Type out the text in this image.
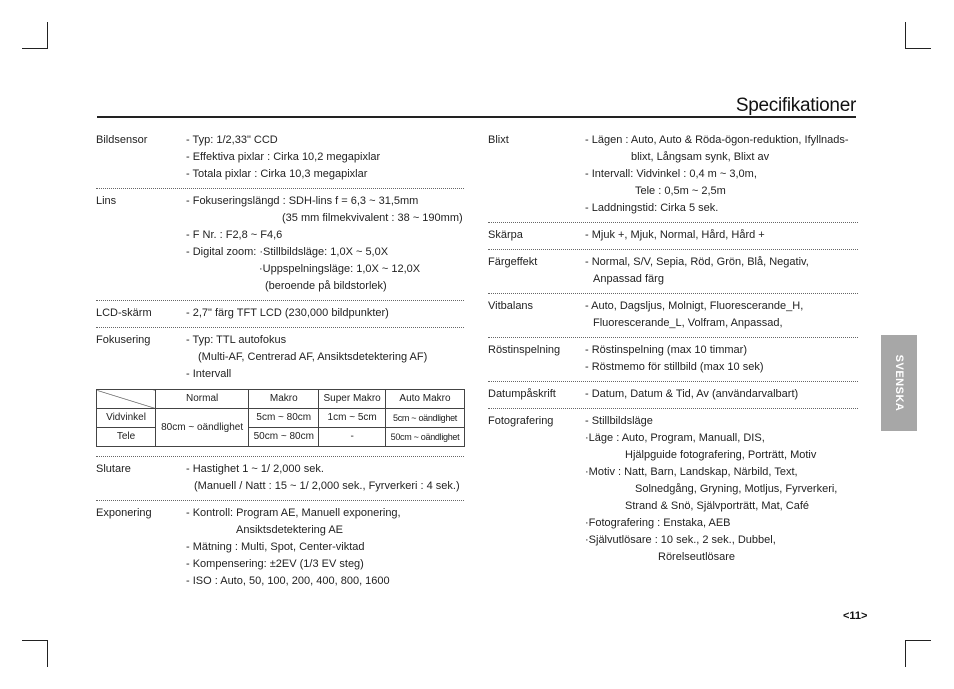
Specifikationer
Bildsensor	- Typ: 1/2,33" CCD
- Effektiva pixlar : Cirka 10,2 megapixlar
- Totala pixlar : Cirka 10,3 megapixlar
Lins	- Fokuseringslängd : SDH-lins f = 6,3 ~ 31,5mm
(35 mm filmekvivalent : 38 ~ 190mm)
- F Nr. : F2,8 ~ F4,6
- Digital zoom: ·Stillbildsläge: 1,0X ~ 5,0X
·Uppspelningsläge: 1,0X ~ 12,0X
(beroende på bildstorlek)
LCD-skärm	- 2,7" färg TFT LCD (230,000 bildpunkter)
Fokusering	- Typ: TTL autofokus
(Multi-AF, Centrerad AF, Ansiktsdetektering AF)
- Intervall
	Normal	Makro	Super Makro	Auto Makro
Vidvinkel	80cm ~ oändlighet	5cm ~ 80cm	1cm ~ 5cm	5cm ~ oändlighet
Tele		50cm ~ 80cm	-	50cm ~ oändlighet
Slutare	- Hastighet 1 ~ 1/ 2,000 sek.
(Manuell / Natt : 15 ~ 1/ 2,000 sek., Fyrverkeri : 4 sek.)
Exponering	- Kontroll: Program AE, Manuell exponering,
Ansiktsdetektering AE
- Mätning : Multi, Spot, Center-viktad
- Kompensering: ±2EV (1/3 EV steg)
- ISO : Auto, 50, 100, 200, 400, 800, 1600
Blixt	- Lägen : Auto, Auto & Röda-ögon-reduktion, Ifyllnads-
blixt, Långsam synk, Blixt av
- Intervall: Vidvinkel : 0,4 m ~ 3,0m,
Tele : 0,5m ~ 2,5m
- Laddningstid: Cirka 5 sek.
Skärpa	- Mjuk +, Mjuk, Normal, Hård, Hård +
Färgeffekt	- Normal, S/V, Sepia, Röd, Grön, Blå, Negativ,
Anpassad färg
Vitbalans	- Auto, Dagsljus, Molnigt, Fluorescerande_H,
Fluorescerande_L, Volfram, Anpassad,
Röstinspelning - Röstinspelning (max 10 timmar)
- Röstmemo för stillbild (max 10 sek)
Datumpåskrift	- Datum, Datum & Tid, Av (användarvalbart)
Fotografering	- Stillbildsläge
·Läge : Auto, Program, Manuall, DIS,
Hjälpguide fotografering, Porträtt, Motiv
·Motiv : Natt, Barn, Landskap, Närbild, Text,
Solnedgång, Gryning, Motljus, Fyrverkeri,
Strand & Snö, Självporträtt, Mat, Café
·Fotografering : Enstaka, AEB
·Självutlösare : 10 sek., 2 sek., Dubbel,
Rörelseutlösare
SVENSKA
<11>
